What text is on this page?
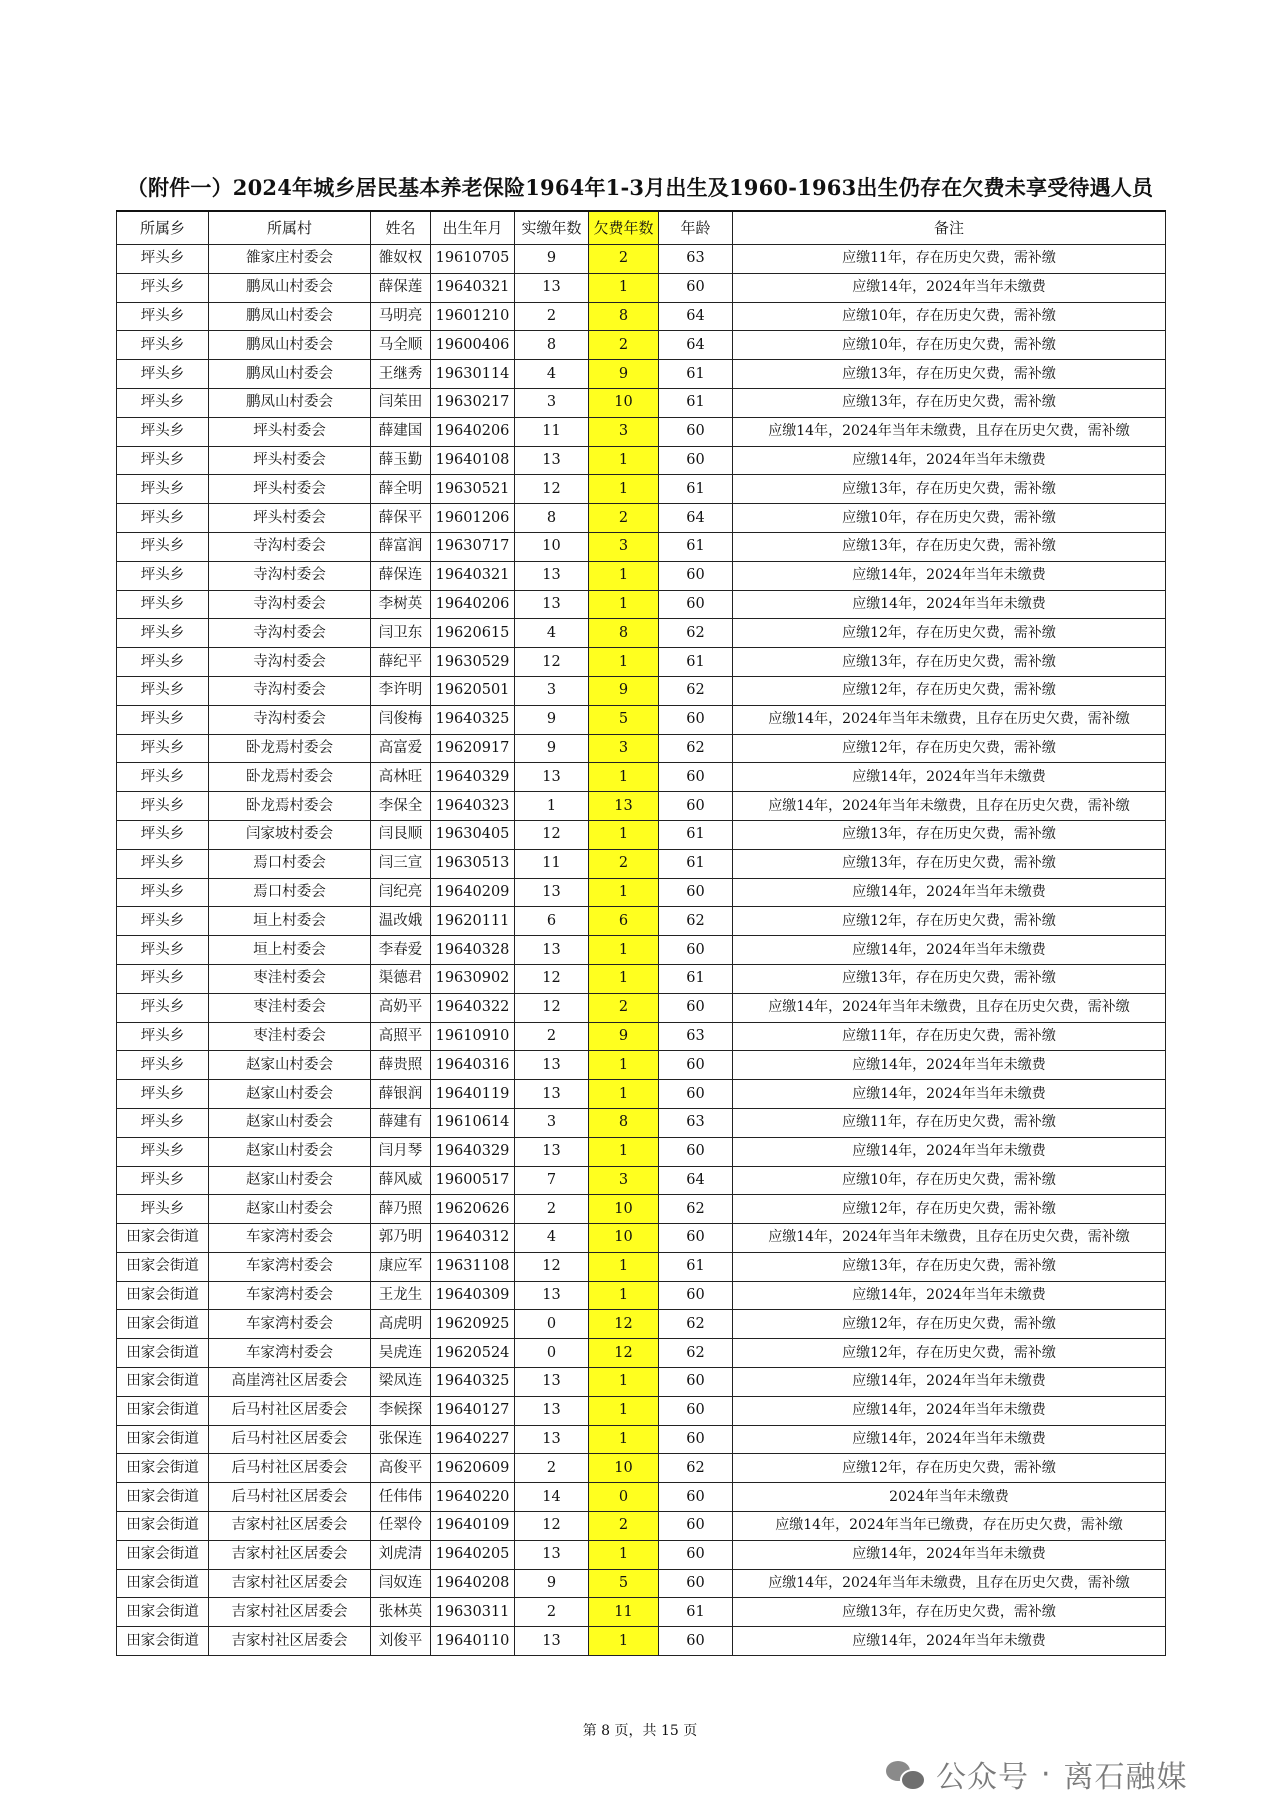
（附件一）2024年城乡居民基本养老保险1964年1-3月出生及1960-1963出生仍存在欠费未享受待遇人员
所属乡	所属村	姓名	出生年月	实缴年数	欠费年数	年龄	备注
坪头乡	雒家庄村委会	雒奴权	19610705	9	2	63	应缴11年，存在历史欠费，需补缴
坪头乡	鹏凤山村委会	薛保莲	19640321	13	1	60	应缴14年，2024年当年未缴费
坪头乡	鹏凤山村委会	马明亮	19601210	2	8	64	应缴10年，存在历史欠费，需补缴
坪头乡	鹏凤山村委会	马全顺	19600406	8	2	64	应缴10年，存在历史欠费，需补缴
坪头乡	鹏凤山村委会	王继秀	19630114	4	9	61	应缴13年，存在历史欠费，需补缴
坪头乡	鹏凤山村委会	闫茱田	19630217	3	10	61	应缴13年，存在历史欠费，需补缴
坪头乡	坪头村委会	薛建国	19640206	11	3	60	应缴14年，2024年当年未缴费，且存在历史欠费，需补缴
坪头乡	坪头村委会	薛玉勤	19640108	13	1	60	应缴14年，2024年当年未缴费
坪头乡	坪头村委会	薛全明	19630521	12	1	61	应缴13年，存在历史欠费，需补缴
坪头乡	坪头村委会	薛保平	19601206	8	2	64	应缴10年，存在历史欠费，需补缴
坪头乡	寺沟村委会	薛富润	19630717	10	3	61	应缴13年，存在历史欠费，需补缴
坪头乡	寺沟村委会	薛保连	19640321	13	1	60	应缴14年，2024年当年未缴费
坪头乡	寺沟村委会	李树英	19640206	13	1	60	应缴14年，2024年当年未缴费
坪头乡	寺沟村委会	闫卫东	19620615	4	8	62	应缴12年，存在历史欠费，需补缴
坪头乡	寺沟村委会	薛纪平	19630529	12	1	61	应缴13年，存在历史欠费，需补缴
坪头乡	寺沟村委会	李许明	19620501	3	9	62	应缴12年，存在历史欠费，需补缴
坪头乡	寺沟村委会	闫俊梅	19640325	9	5	60	应缴14年，2024年当年未缴费，且存在历史欠费，需补缴
坪头乡	卧龙焉村委会	高富爱	19620917	9	3	62	应缴12年，存在历史欠费，需补缴
坪头乡	卧龙焉村委会	高林旺	19640329	13	1	60	应缴14年，2024年当年未缴费
坪头乡	卧龙焉村委会	李保全	19640323	1	13	60	应缴14年，2024年当年未缴费，且存在历史欠费，需补缴
坪头乡	闫家坡村委会	闫艮顺	19630405	12	1	61	应缴13年，存在历史欠费，需补缴
坪头乡	焉口村委会	闫三宣	19630513	11	2	61	应缴13年，存在历史欠费，需补缴
坪头乡	焉口村委会	闫纪亮	19640209	13	1	60	应缴14年，2024年当年未缴费
坪头乡	垣上村委会	温改娥	19620111	6	6	62	应缴12年，存在历史欠费，需补缴
坪头乡	垣上村委会	李春爱	19640328	13	1	60	应缴14年，2024年当年未缴费
坪头乡	枣洼村委会	渠德君	19630902	12	1	61	应缴13年，存在历史欠费，需补缴
坪头乡	枣洼村委会	高奶平	19640322	12	2	60	应缴14年，2024年当年未缴费，且存在历史欠费，需补缴
坪头乡	枣洼村委会	高照平	19610910	2	9	63	应缴11年，存在历史欠费，需补缴
坪头乡	赵家山村委会	薛贵照	19640316	13	1	60	应缴14年，2024年当年未缴费
坪头乡	赵家山村委会	薛银润	19640119	13	1	60	应缴14年，2024年当年未缴费
坪头乡	赵家山村委会	薛建有	19610614	3	8	63	应缴11年，存在历史欠费，需补缴
坪头乡	赵家山村委会	闫月琴	19640329	13	1	60	应缴14年，2024年当年未缴费
坪头乡	赵家山村委会	薛风威	19600517	7	3	64	应缴10年，存在历史欠费，需补缴
坪头乡	赵家山村委会	薛乃照	19620626	2	10	62	应缴12年，存在历史欠费，需补缴
田家会街道	车家湾村委会	郭乃明	19640312	4	10	60	应缴14年，2024年当年未缴费，且存在历史欠费，需补缴
田家会街道	车家湾村委会	康应军	19631108	12	1	61	应缴13年，存在历史欠费，需补缴
田家会街道	车家湾村委会	王龙生	19640309	13	1	60	应缴14年，2024年当年未缴费
田家会街道	车家湾村委会	高虎明	19620925	0	12	62	应缴12年，存在历史欠费，需补缴
田家会街道	车家湾村委会	吴虎连	19620524	0	12	62	应缴12年，存在历史欠费，需补缴
田家会街道	高崖湾社区居委会	梁凤连	19640325	13	1	60	应缴14年，2024年当年未缴费
田家会街道	后马村社区居委会	李候探	19640127	13	1	60	应缴14年，2024年当年未缴费
田家会街道	后马村社区居委会	张保连	19640227	13	1	60	应缴14年，2024年当年未缴费
田家会街道	后马村社区居委会	高俊平	19620609	2	10	62	应缴12年，存在历史欠费，需补缴
田家会街道	后马村社区居委会	任伟伟	19640220	14	0	60	2024年当年未缴费
田家会街道	吉家村社区居委会	任翠伶	19640109	12	2	60	应缴14年，2024年当年已缴费，存在历史欠费，需补缴
田家会街道	吉家村社区居委会	刘虎清	19640205	13	1	60	应缴14年，2024年当年未缴费
田家会街道	吉家村社区居委会	闫奴连	19640208	9	5	60	应缴14年，2024年当年未缴费，且存在历史欠费，需补缴
田家会街道	吉家村社区居委会	张林英	19630311	2	11	61	应缴13年，存在历史欠费，需补缴
田家会街道	吉家村社区居委会	刘俊平	19640110	13	1	60	应缴14年，2024年当年未缴费
第 8 页，共 15 页
公众号 · 离石融媒
